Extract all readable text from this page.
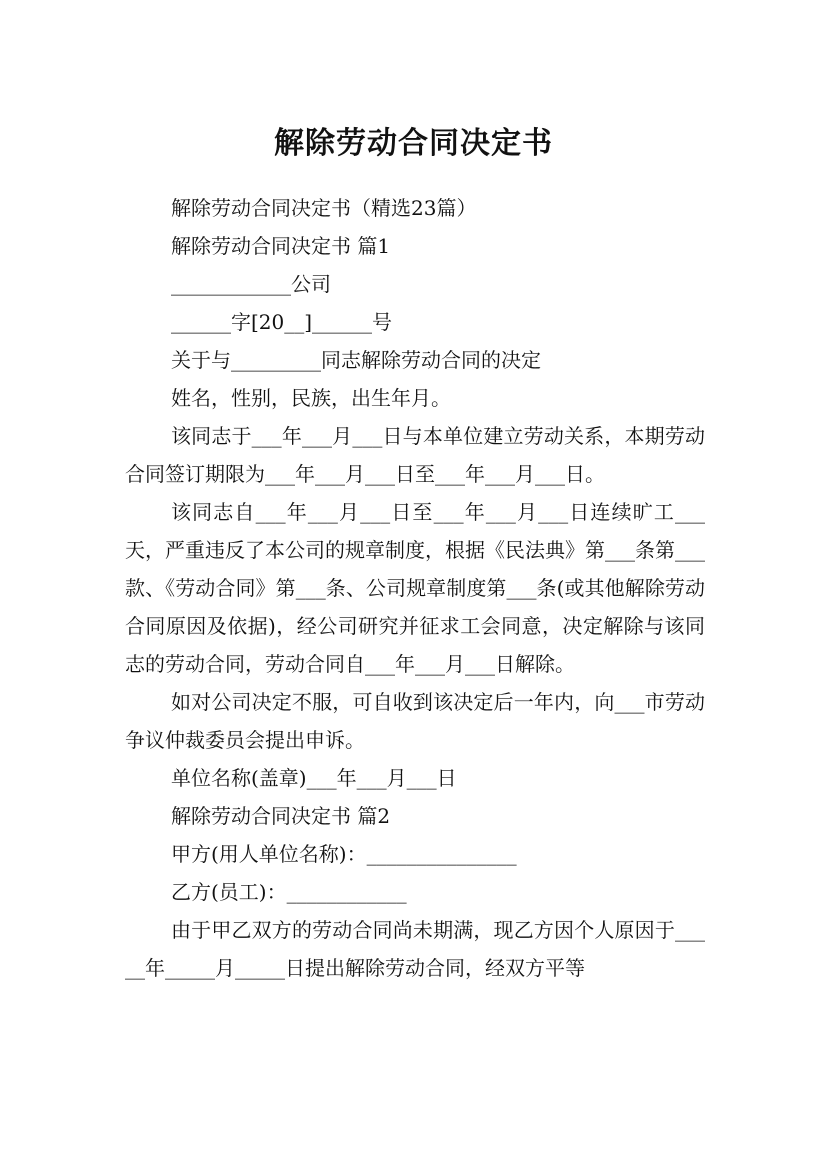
解除劳动合同决定书

解除劳动合同决定书（精选23篇）

解除劳动合同决定书 篇1

____________公司

______字[20__]______号

关于与_________同志解除劳动合同的决定

姓名，性别，民族，出生年月。

该同志于___年___月___日与本单位建立劳动关系，本期劳动合同签订期限为___年___月___日至___年___月___日。

该同志自___年___月___日至___年___月___日连续旷工___天，严重违反了本公司的规章制度，根据《民法典》第___条第___款、《劳动合同》第___条、公司规章制度第___条(或其他解除劳动合同原因及依据)，经公司研究并征求工会同意，决定解除与该同志的劳动合同，劳动合同自___年___月___日解除。

如对公司决定不服，可自收到该决定后一年内，向___市劳动争议仲裁委员会提出申诉。

单位名称(盖章)___年___月___日

解除劳动合同决定书 篇2

甲方(用人单位名称)：_______________

乙方(员工)：____________

由于甲乙双方的劳动合同尚未期满，现乙方因个人原因于_____年_____月_____日提出解除劳动合同，经双方平等
